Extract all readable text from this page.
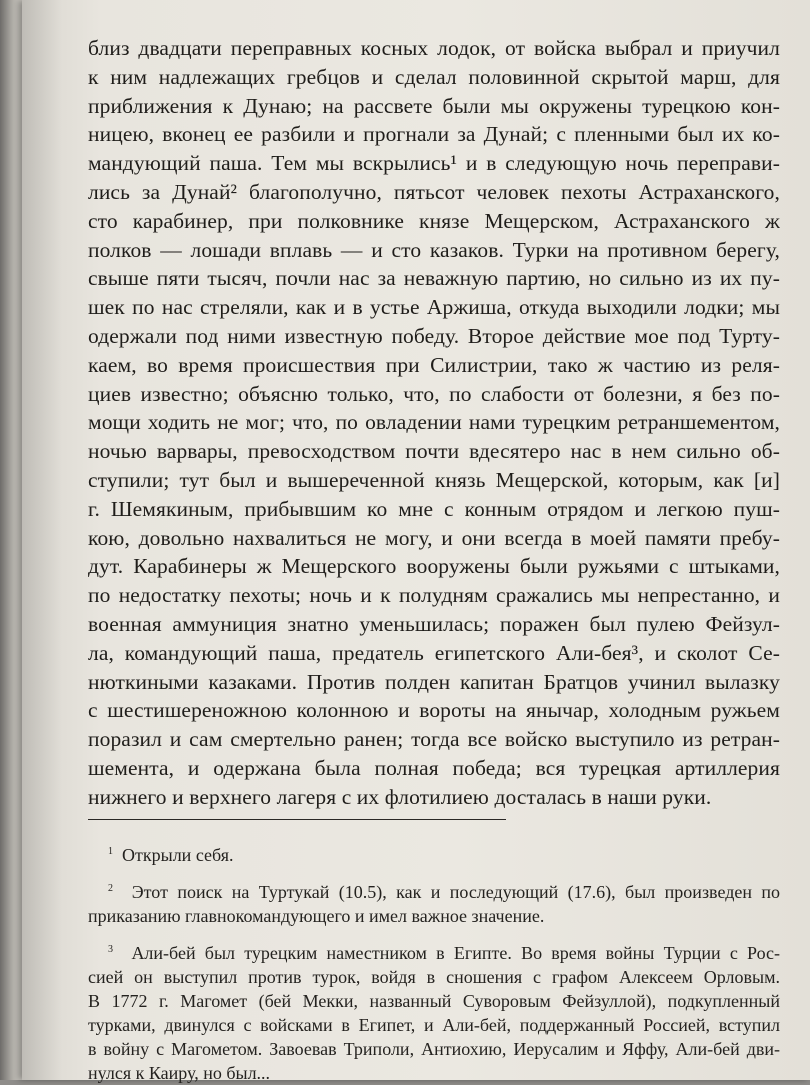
близ двадцати переправных косных лодок, от войска выбрал и приучил
к ним надлежащих гребцов и сделал половинной скрытой марш, для
приближения к Дунаю; на рассвете были мы окружены турецкою кон-
ницею, вконец ее разбили и прогнали за Дунай; с пленными был их ко-
мандующий паша. Тем мы вскрылись¹ и в следующую ночь переправи-
лись за Дунай² благополучно, пятьсот человек пехоты Астраханского,
сто карабинер, при полковнике князе Мещерском, Астраханского ж
полков — лошади вплавь — и сто казаков. Турки на противном берегу,
свыше пяти тысяч, почли нас за неважную партию, но сильно из их пу-
шек по нас стреляли, как и в устье Аржиша, откуда выходили лодки; мы
одержали под ними известную победу. Второе действие мое под Турту-
каем, во время происшествия при Силистрии, тако ж частию из реля-
циев известно; объясню только, что, по слабости от болезни, я без по-
мощи ходить не мог; что, по овладении нами турецким ретраншементом,
ночью варвары, превосходством почти вдесятеро нас в нем сильно об-
ступили; тут был и вышереченной князь Мещерской, которым, как [и]
г. Шемякиным, прибывшим ко мне с конным отрядом и легкою пуш-
кою, довольно нахвалиться не могу, и они всегда в моей памяти пребу-
дут. Карабинеры ж Мещерского вооружены были ружьями с штыками,
по недостатку пехоты; ночь и к полудням сражались мы непрестанно, и
военная аммуниция знатно уменьшилась; поражен был пулею Фейзул-
ла, командующий паша, предатель египетского Али-бея³, и сколот Се-
нюткиными казаками. Против полден капитан Братцов учинил вылазку
с шестишереножною колонною и вороты на янычар, холодным ружьем
поразил и сам смертельно ранен; тогда все войско выступило из ретран-
шемента, и одержана была полная победа; вся турецкая артиллерия
нижнего и верхнего лагеря с их флотилиею досталась в наши руки.
$^1$ Открыли себя.
$^2$ Этот поиск на Туртукай (10.5), как и последующий (17.6), был произведен по
приказанию главнокомандующего и имел важное значение.
$^3$ Али-бей был турецким наместником в Египте. Во время войны Турции с Рос-
сией он выступил против турок, войдя в сношения с графом Алексеем Орловым.
В 1772 г. Магомет (бей Мекки, названный Суворовым Фейзуллой), подкупленный
турками, двинулся с войсками в Египет, и Али-бей, поддержанный Россией, вступил
в войну с Магометом. Завоевав Триполи, Антиохию, Иерусалим и Яффу, Али-бей дви-
нулся к Каиру, но был...
